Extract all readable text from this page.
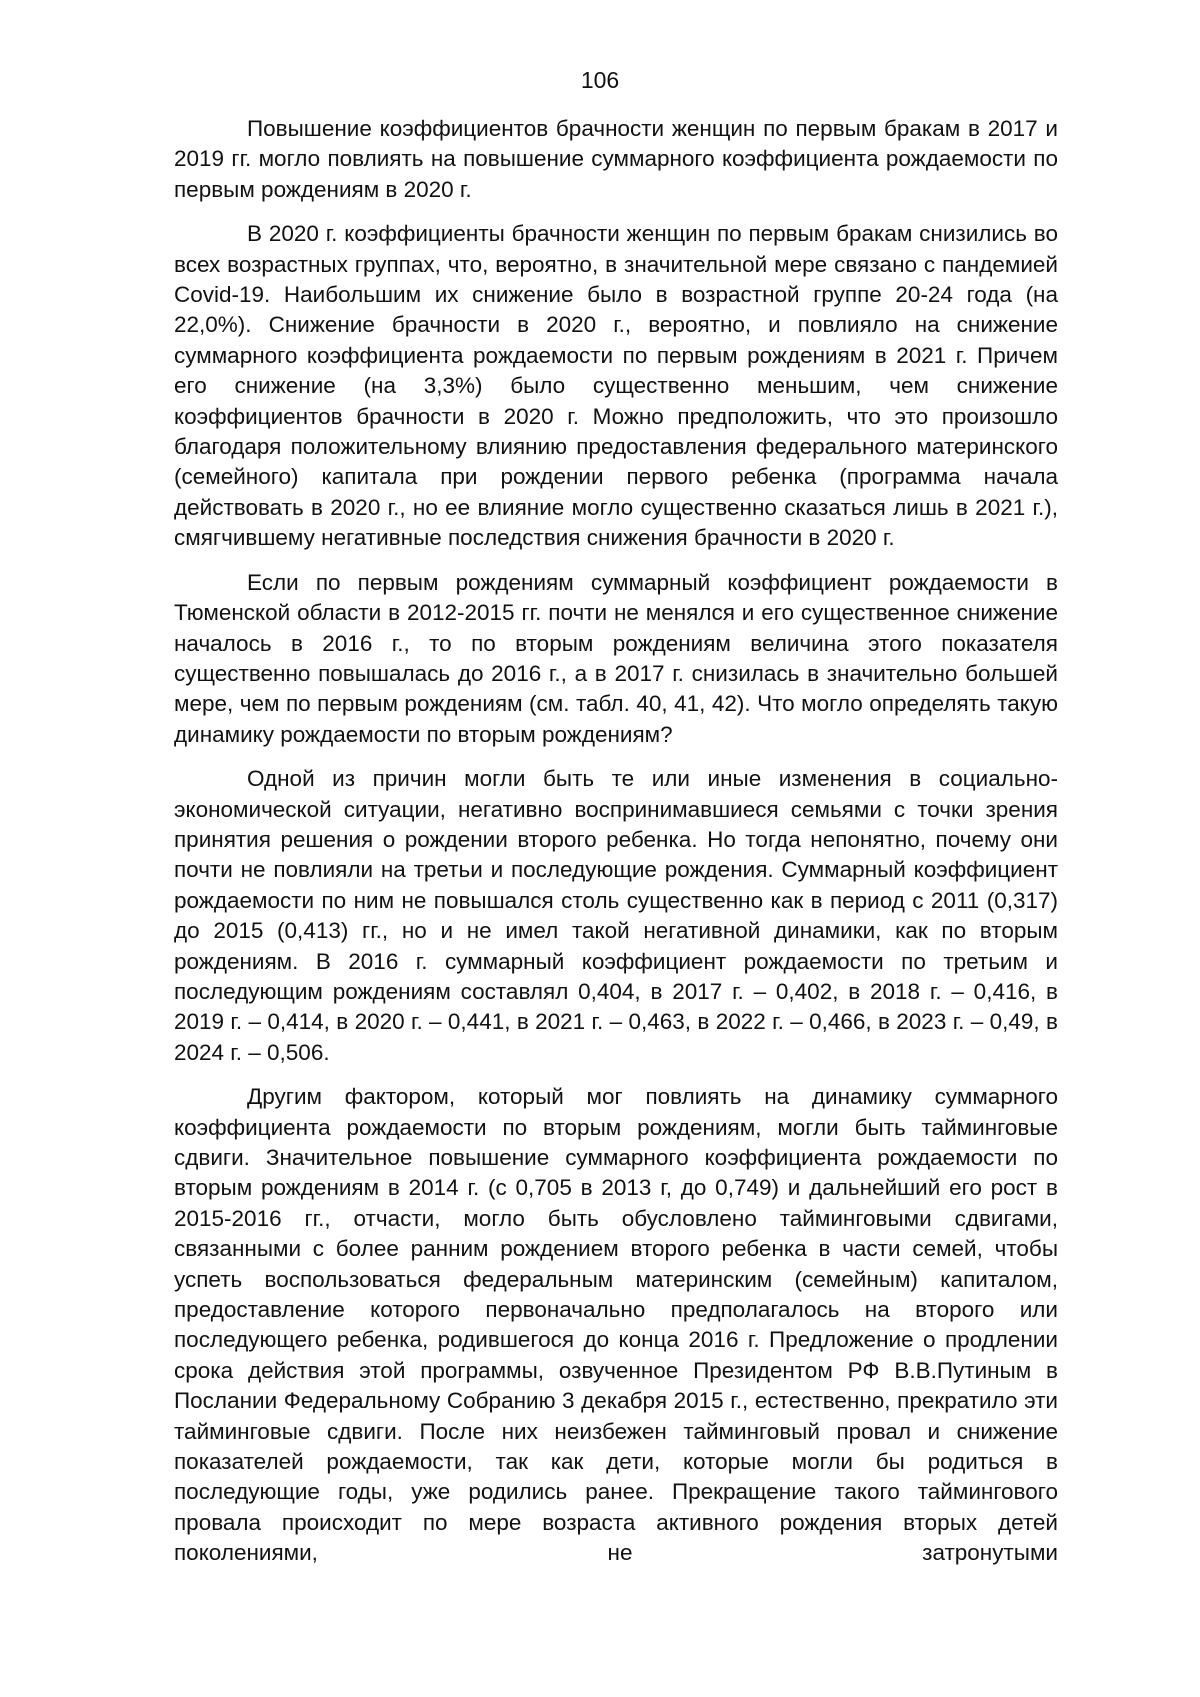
106

Повышение коэффициентов брачности женщин по первым бракам в 2017 и 2019 гг. могло повлиять на повышение суммарного коэффициента рождаемости по первым рождениям в 2020 г.

В 2020 г. коэффициенты брачности женщин по первым бракам снизились во всех возрастных группах, что, вероятно, в значительной мере связано с пандемией Covid-19. Наибольшим их снижение было в возрастной группе 20-24 года (на 22,0%). Снижение брачности в 2020 г., вероятно, и повлияло на снижение суммарного коэффициента рождаемости по первым рождениям в 2021 г. Причем его снижение (на 3,3%) было существенно меньшим, чем снижение коэффициентов брачности в 2020 г. Можно предположить, что это произошло благодаря положительному влиянию предоставления федерального материнского (семейного) капитала при рождении первого ребенка (программа начала действовать в 2020 г., но ее влияние могло существенно сказаться лишь в 2021 г.), смягчившему негативные последствия снижения брачности в 2020 г.

Если по первым рождениям суммарный коэффициент рождаемости в Тюменской области в 2012-2015 гг. почти не менялся и его существенное снижение началось в 2016 г., то по вторым рождениям величина этого показателя существенно повышалась до 2016 г., а в 2017 г. снизилась в значительно большей мере, чем по первым рождениям (см. табл. 40, 41, 42). Что могло определять такую динамику рождаемости по вторым рождениям?

Одной из причин могли быть те или иные изменения в социально-экономической ситуации, негативно воспринимавшиеся семьями с точки зрения принятия решения о рождении второго ребенка. Но тогда непонятно, почему они почти не повлияли на третьи и последующие рождения. Суммарный коэффициент рождаемости по ним не повышался столь существенно как в период с 2011 (0,317) до 2015 (0,413) гг., но и не имел такой негативной динамики, как по вторым рождениям. В 2016 г. суммарный коэффициент рождаемости по третьим и последующим рождениям составлял 0,404, в 2017 г. – 0,402, в 2018 г. – 0,416, в 2019 г. – 0,414, в 2020 г. – 0,441, в 2021 г. – 0,463, в 2022 г. – 0,466, в 2023 г. – 0,49, в 2024 г. – 0,506.

Другим фактором, который мог повлиять на динамику суммарного коэффициента рождаемости по вторым рождениям, могли быть тайминговые сдвиги. Значительное повышение суммарного коэффициента рождаемости по вторым рождениям в 2014 г. (с 0,705 в 2013 г, до 0,749) и дальнейший его рост в 2015-2016 гг., отчасти, могло быть обусловлено тайминговыми сдвигами, связанными с более ранним рождением второго ребенка в части семей, чтобы успеть воспользоваться федеральным материнским (семейным) капиталом, предоставление которого первоначально предполагалось на второго или последующего ребенка, родившегося до конца 2016 г. Предложение о продлении срока действия этой программы, озвученное Президентом РФ В.В.Путиным в Послании Федеральному Собранию 3 декабря 2015 г., естественно, прекратило эти тайминговые сдвиги. После них неизбежен тайминговый провал и снижение показателей рождаемости, так как дети, которые могли бы родиться в последующие годы, уже родились ранее. Прекращение такого таймингового провала происходит по мере возраста активного рождения вторых детей поколениями, не затронутыми
